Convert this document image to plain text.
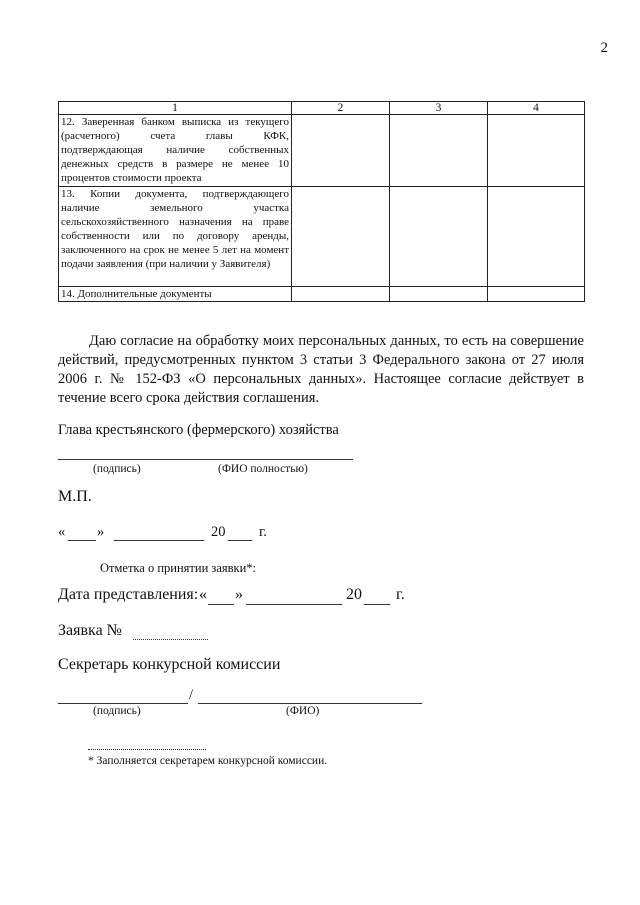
2
1	2	3	4
12. Заверенная банком выписка из текущего (расчетного) счета главы КФК, подтверждающая наличие собственных денежных средств в размере не менее 10 процентов стоимости проекта			
13. Копии документа, подтверждающего наличие земельного участка сельскохозяйственного назначения на праве собственности или по договору аренды, заключенного на срок не менее 5 лет на момент подачи заявления (при наличии у Заявителя)			
14. Дополнительные документы			

Даю согласие на обработку моих персональных данных, то есть на совершение действий, предусмотренных пунктом 3 статьи 3 Федерального закона от 27 июля 2006 г. № 152-ФЗ «О персональных данных». Настоящее согласие действует в течение всего срока действия соглашения.

Глава крестьянского (фермерского) хозяйства
(подпись)	(ФИО полностью)
М.П.
« »	20 г.
Отметка о принятии заявки*:
Дата представления: « »	20 г.
Заявка №
Секретарь конкурсной комиссии
/
(подпись)	(ФИО)
* Заполняется секретарем конкурсной комиссии.
